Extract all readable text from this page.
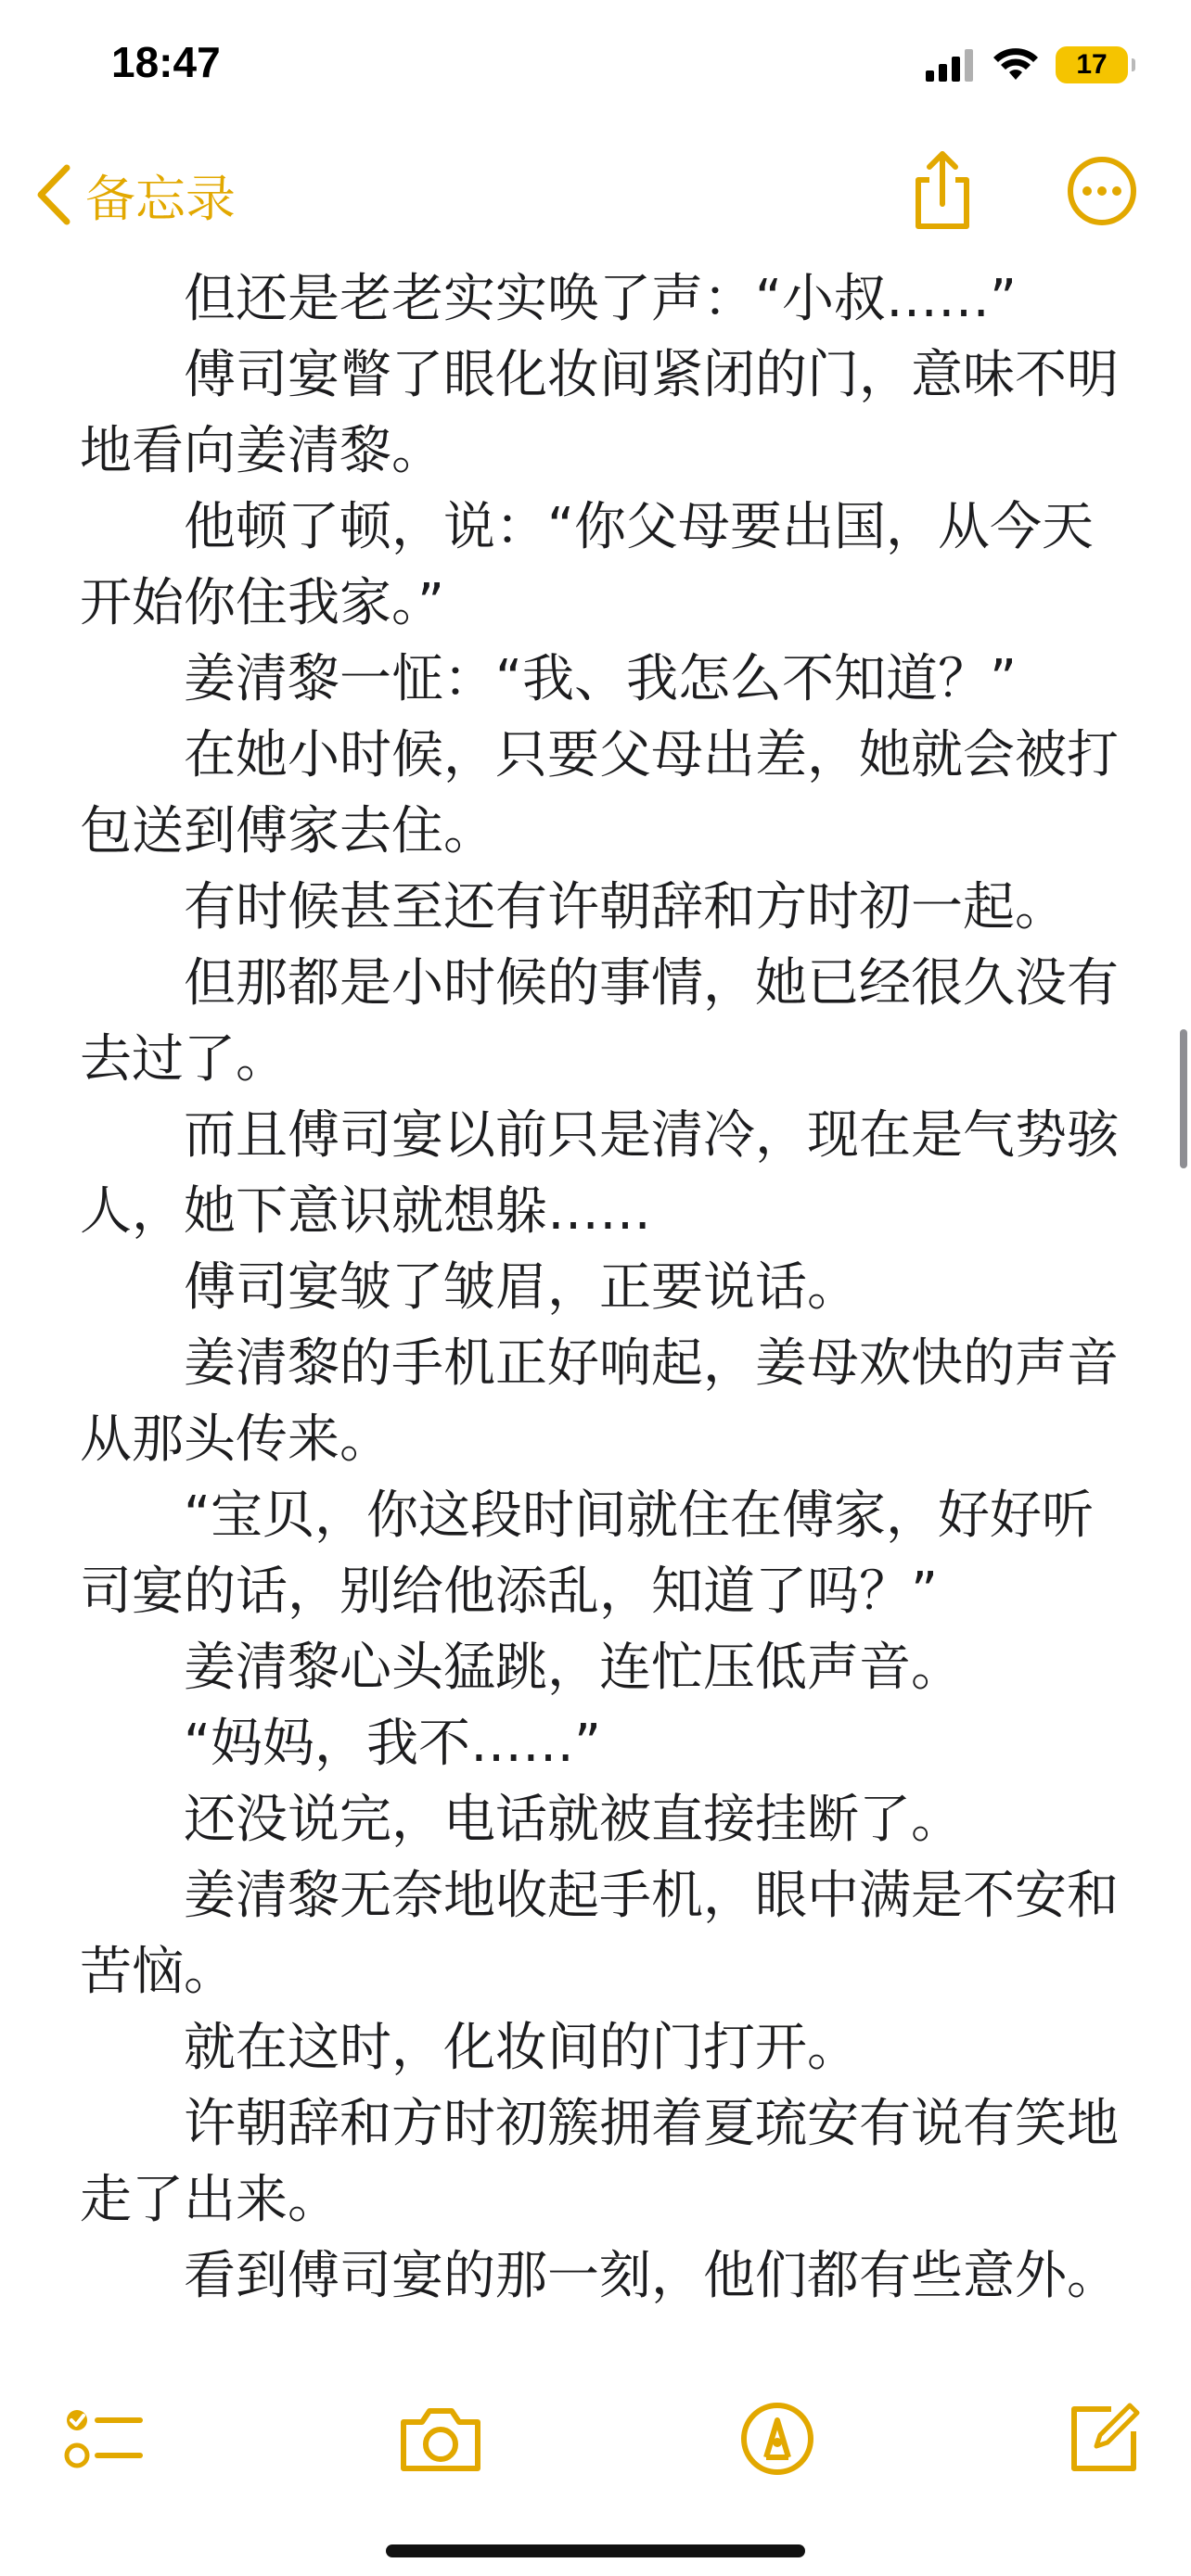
18:47	17
备忘录

但还是老老实实唤了声：“小叔……”

傅司宴瞥了眼化妆间紧闭的门，意味不明地看向姜清黎。

他顿了顿，说：“你父母要出国，从今天开始你住我家。”

姜清黎一怔：“我、我怎么不知道？”

在她小时候，只要父母出差，她就会被打包送到傅家去住。

有时候甚至还有许朝辞和方时初一起。

但那都是小时候的事情，她已经很久没有去过了。

而且傅司宴以前只是清冷，现在是气势骇人，她下意识就想躲……

傅司宴皱了皱眉，正要说话。

姜清黎的手机正好响起，姜母欢快的声音从那头传来。

“宝贝，你这段时间就住在傅家，好好听司宴的话，别给他添乱，知道了吗？”

姜清黎心头猛跳，连忙压低声音。

“妈妈，我不……”

还没说完，电话就被直接挂断了。

姜清黎无奈地收起手机，眼中满是不安和苦恼。

就在这时，化妆间的门打开。

许朝辞和方时初簇拥着夏琉安有说有笑地走了出来。

看到傅司宴的那一刻，他们都有些意外。
